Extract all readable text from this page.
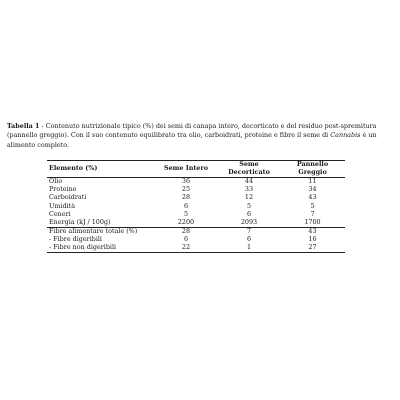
Tabella 1 - Contenuto nutrizionale tipico (%) dei semi di canapa intero, decorticato e del residuo post-spremitura (pannello greggio). Con il suo contenuto equilibrato tra olio, carboidrati, proteine e fibre il seme di Cannabis è un alimento completo.
Elemento (%)	Seme Intero	Seme Decorticato	Pannello Greggio
Olio	36	44	11
Proteine	25	33	34
Carboidrati	28	12	43
Umidità	6	5	5
Ceneri	5	6	7
Energia (kJ / 100g)	2200	2093	1700
Fibre alimentare totale (%)	28	7	43
- Fibre digeribili	6	6	16
- Fibre non digeribili	22	1	27
